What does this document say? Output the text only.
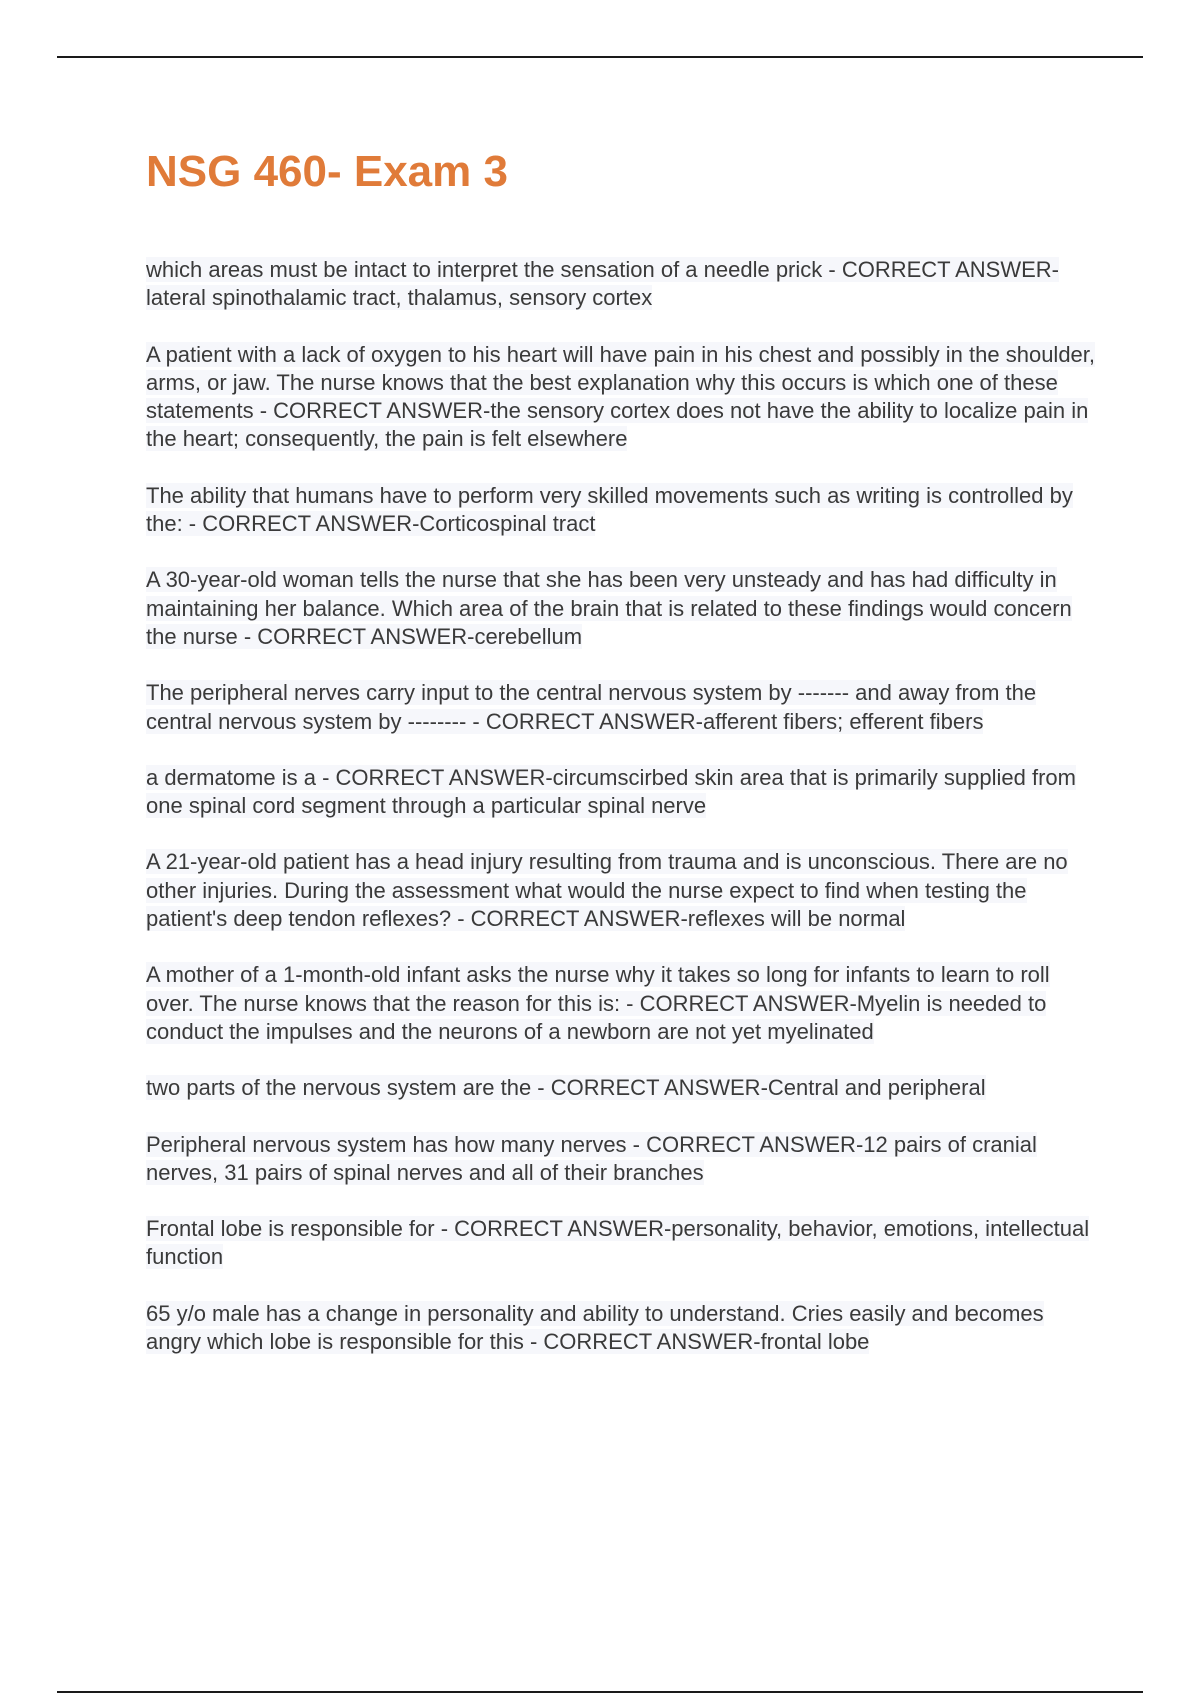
NSG 460- Exam 3

which areas must be intact to interpret the sensation of a needle prick - CORRECT ANSWER-lateral spinothalamic tract, thalamus, sensory cortex

A patient with a lack of oxygen to his heart will have pain in his chest and possibly in the shoulder, arms, or jaw. The nurse knows that the best explanation why this occurs is which one of these statements - CORRECT ANSWER-the sensory cortex does not have the ability to localize pain in the heart; consequently, the pain is felt elsewhere

The ability that humans have to perform very skilled movements such as writing is controlled by the: - CORRECT ANSWER-Corticospinal tract

A 30-year-old woman tells the nurse that she has been very unsteady and has had difficulty in maintaining her balance. Which area of the brain that is related to these findings would concern the nurse - CORRECT ANSWER-cerebellum

The peripheral nerves carry input to the central nervous system by ------- and away from the central nervous system by -------- - CORRECT ANSWER-afferent fibers; efferent fibers

a dermatome is a - CORRECT ANSWER-circumscirbed skin area that is primarily supplied from one spinal cord segment through a particular spinal nerve

A 21-year-old patient has a head injury resulting from trauma and is unconscious. There are no other injuries. During the assessment what would the nurse expect to find when testing the patient's deep tendon reflexes? - CORRECT ANSWER-reflexes will be normal

A mother of a 1-month-old infant asks the nurse why it takes so long for infants to learn to roll over. The nurse knows that the reason for this is: - CORRECT ANSWER-Myelin is needed to conduct the impulses and the neurons of a newborn are not yet myelinated

two parts of the nervous system are the - CORRECT ANSWER-Central and peripheral

Peripheral nervous system has how many nerves - CORRECT ANSWER-12 pairs of cranial nerves, 31 pairs of spinal nerves and all of their branches

Frontal lobe is responsible for - CORRECT ANSWER-personality, behavior, emotions, intellectual function

65 y/o male has a change in personality and ability to understand. Cries easily and becomes angry which lobe is responsible for this - CORRECT ANSWER-frontal lobe
